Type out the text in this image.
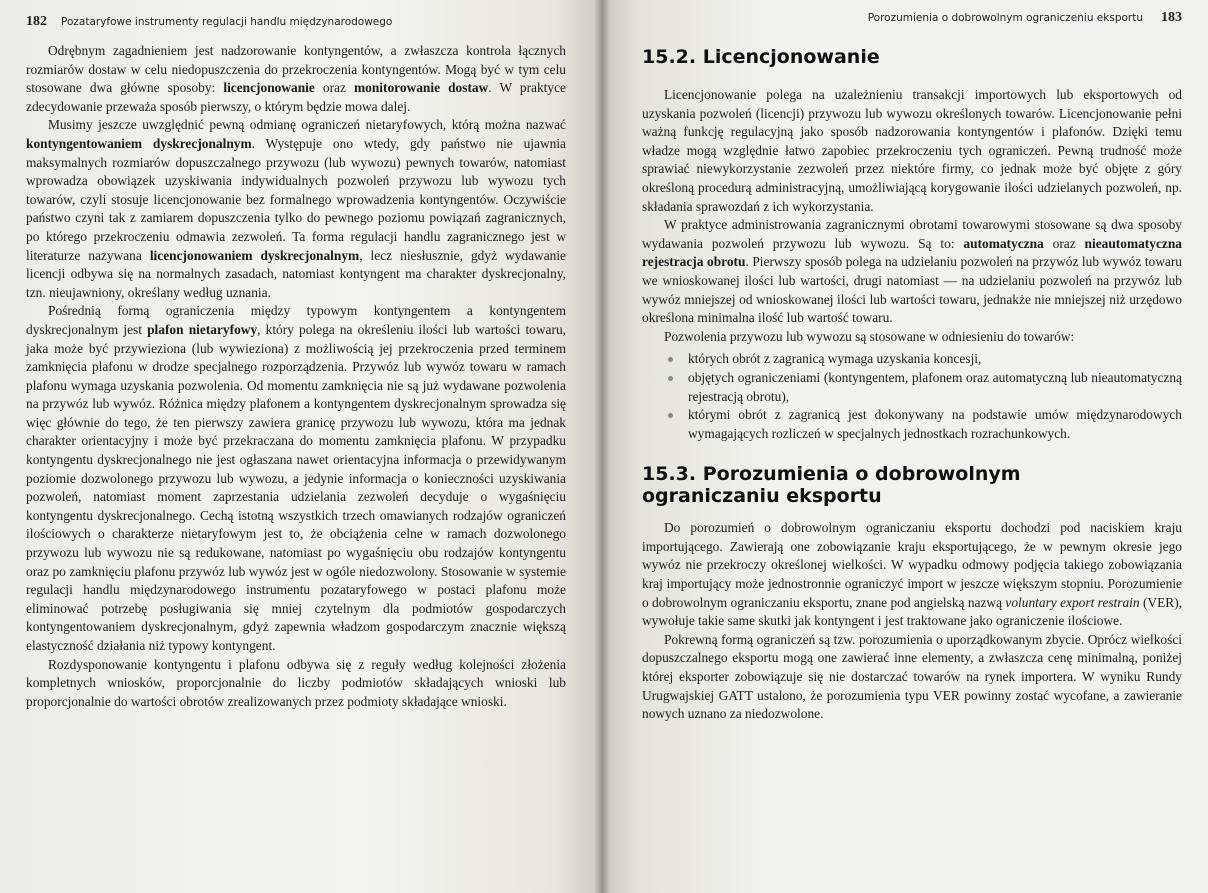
182 Pozataryfowe instrumenty regulacji handlu międzynarodowego

Odrębnym zagadnieniem jest nadzorowanie kontyngentów, a zwłaszcza kontrola łącznych rozmiarów dostaw w celu niedopuszczenia do przekroczenia kontyngentów. Mogą być w tym celu stosowane dwa główne sposoby: licencjonowanie oraz monitorowanie dostaw. W praktyce zdecydowanie przeważa sposób pierwszy, o którym będzie mowa dalej.

Musimy jeszcze uwzględnić pewną odmianę ograniczeń nietaryfowych, którą można nazwać kontyngentowaniem dyskrecjonalnym. Występuje ono wtedy, gdy państwo nie ujawnia maksymalnych rozmiarów dopuszczalnego przywozu (lub wywozu) pewnych towarów, natomiast wprowadza obowiązek uzyskiwania indywidualnych pozwoleń przywozu lub wywozu tych towarów, czyli stosuje licencjonowanie bez formalnego wprowadzenia kontyngentów. Oczywiście państwo czyni tak z zamiarem dopuszczenia tylko do pewnego poziomu powiązań zagranicznych, po którego przekroczeniu odmawia zezwoleń. Ta forma regulacji handlu zagranicznego jest w literaturze nazywana licencjonowaniem dyskrecjonalnym, lecz niesłusznie, gdyż wydawanie licencji odbywa się na normalnych zasadach, natomiast kontyngent ma charakter dyskrecjonalny, tzn. nieujawniony, określany według uznania.

Pośrednią formą ograniczenia między typowym kontyngentem a kontyngentem dyskrecjonalnym jest plafon nietaryfowy, który polega na określeniu ilości lub wartości towaru, jaka może być przywieziona (lub wywieziona) z możliwością jej przekroczenia przed terminem zamknięcia plafonu w drodze specjalnego rozporządzenia. Przywóz lub wywóz towaru w ramach plafonu wymaga uzyskania pozwolenia. Od momentu zamknięcia nie są już wydawane pozwolenia na przywóz lub wywóz. Różnica między plafonem a kontyngentem dyskrecjonalnym sprowadza się więc głównie do tego, że ten pierwszy zawiera granicę przywozu lub wywozu, która ma jednak charakter orientacyjny i może być przekraczana do momentu zamknięcia plafonu. W przypadku kontyngentu dyskrecjonalnego nie jest ogłaszana nawet orientacyjna informacja o przewidywanym poziomie dozwolonego przywozu lub wywozu, a jedynie informacja o konieczności uzyskiwania pozwoleń, natomiast moment zaprzestania udzielania zezwoleń decyduje o wygaśnięciu kontyngentu dyskrecjonalnego. Cechą istotną wszystkich trzech omawianych rodzajów ograniczeń ilościowych o charakterze nietaryfowym jest to, że obciążenia celne w ramach dozwolonego przywozu lub wywozu nie są redukowane, natomiast po wygaśnięciu obu rodzajów kontyngentu oraz po zamknięciu plafonu przywóz lub wywóz jest w ogóle niedozwolony. Stosowanie w systemie regulacji handlu międzynarodowego instrumentu pozataryfowego w postaci plafonu może eliminować potrzebę posługiwania się mniej czytelnym dla podmiotów gospodarczych kontyngentowaniem dyskrecjonalnym, gdyż zapewnia władzom gospodarczym znacznie większą elastyczność działania niż typowy kontyngent.

Rozdysponowanie kontyngentu i plafonu odbywa się z reguły według kolejności złożenia kompletnych wniosków, proporcjonalnie do liczby podmiotów składających wnioski lub proporcjonalnie do wartości obrotów zrealizowanych przez podmioty składające wnioski.

Porozumienia o dobrowolnym ograniczeniu eksportu 183
15.2. Licencjonowanie

Licencjonowanie polega na uzależnieniu transakcji importowych lub eksportowych od uzyskania pozwoleń (licencji) przywozu lub wywozu określonych towarów. Licencjonowanie pełni ważną funkcję regulacyjną jako sposób nadzorowania kontyngentów i plafonów. Dzięki temu władze mogą względnie łatwo zapobiec przekroczeniu tych ograniczeń. Pewną trudność może sprawiać niewykorzystanie zezwoleń przez niektóre firmy, co jednak może być objęte z góry określoną procedurą administracyjną, umożliwiającą korygowanie ilości udzielanych pozwoleń, np. składania sprawozdań z ich wykorzystania.

W praktyce administrowania zagranicznymi obrotami towarowymi stosowane są dwa sposoby wydawania pozwoleń przywozu lub wywozu. Są to: automatyczna oraz nieautomatyczna rejestracja obrotu. Pierwszy sposób polega na udzielaniu pozwoleń na przywóz lub wywóz towaru we wnioskowanej ilości lub wartości, drugi natomiast — na udzielaniu pozwoleń na przywóz lub wywóz mniejszej od wnioskowanej ilości lub wartości towaru, jednakże nie mniejszej niż urzędowo określona minimalna ilość lub wartość towaru.

Pozwolenia przywozu lub wywozu są stosowane w odniesieniu do towarów:

których obrót z zagranicą wymaga uzyskania koncesji,
objętych ograniczeniami (kontyngentem, plafonem oraz automatyczną lub nieautomatyczną rejestracją obrotu),
którymi obrót z zagranicą jest dokonywany na podstawie umów międzynarodowych wymagających rozliczeń w specjalnych jednostkach rozrachunkowych.
15.3. Porozumienia o dobrowolnym
ograniczaniu eksportu

Do porozumień o dobrowolnym ograniczaniu eksportu dochodzi pod naciskiem kraju importującego. Zawierają one zobowiązanie kraju eksportującego, że w pewnym okresie jego wywóz nie przekroczy określonej wielkości. W wypadku odmowy podjęcia takiego zobowiązania kraj importujący może jednostronnie ograniczyć import w jeszcze większym stopniu. Porozumienie o dobrowolnym ograniczaniu eksportu, znane pod angielską nazwą voluntary export restrain (VER), wywołuje takie same skutki jak kontyngent i jest traktowane jako ograniczenie ilościowe.

Pokrewną formą ograniczeń są tzw. porozumienia o uporządkowanym zbycie. Oprócz wielkości dopuszczalnego eksportu mogą one zawierać inne elementy, a zwłaszcza cenę minimalną, poniżej której eksporter zobowiązuje się nie dostarczać towarów na rynek importera. W wyniku Rundy Urugwajskiej GATT ustalono, że porozumienia typu VER powinny zostać wycofane, a zawieranie nowych uznano za niedozwolone.
